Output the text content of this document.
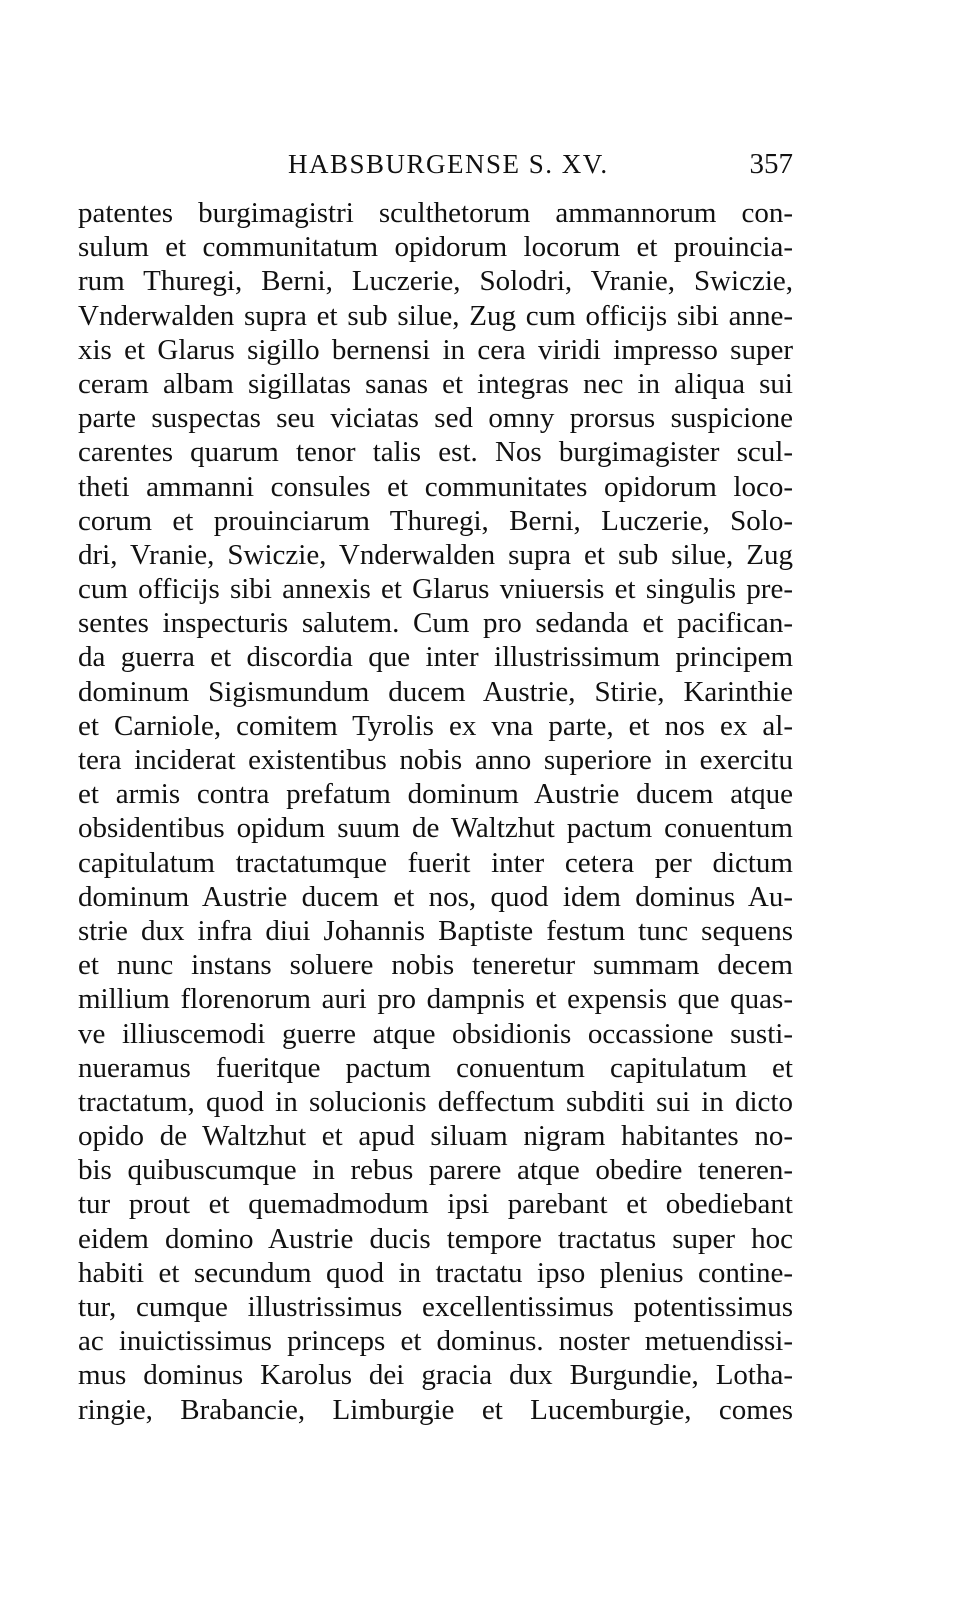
HABSBURGENSE S. XV.	357
patentes burgimagistri sculthetorum ammannorum con-
sulum et communitatum opidorum locorum et prouincia-
rum Thuregi, Berni, Luczerie, Solodri, Vranie, Swiczie,
Vnderwalden supra et sub silue, Zug cum officijs sibi anne-
xis et Glarus sigillo bernensi in cera viridi impresso super
ceram albam sigillatas sanas et integras nec in aliqua sui
parte suspectas seu viciatas sed omny prorsus suspicione
carentes quarum tenor talis est. Nos burgimagister scul-
theti ammanni consules et communitates opidorum loco-
corum et prouinciarum Thuregi, Berni, Luczerie, Solo-
dri, Vranie, Swiczie, Vnderwalden supra et sub silue, Zug
cum officijs sibi annexis et Glarus vniuersis et singulis pre-
sentes inspecturis salutem. Cum pro sedanda et pacifican-
da guerra et discordia que inter illustrissimum principem
dominum Sigismundum ducem Austrie, Stirie, Karinthie
et Carniole, comitem Tyrolis ex vna parte, et nos ex al-
tera inciderat existentibus nobis anno superiore in exercitu
et armis contra prefatum dominum Austrie ducem atque
obsidentibus opidum suum de Waltzhut pactum conuentum
capitulatum tractatumque fuerit inter cetera per dictum
dominum Austrie ducem et nos, quod idem dominus Au-
strie dux infra diui Johannis Baptiste festum tunc sequens
et nunc instans soluere nobis teneretur summam decem
millium florenorum auri pro dampnis et expensis que quas-
ve illiuscemodi guerre atque obsidionis occassione susti-
nueramus fueritque pactum conuentum capitulatum et
tractatum, quod in solucionis deffectum subditi sui in dicto
opido de Waltzhut et apud siluam nigram habitantes no-
bis quibuscumque in rebus parere atque obedire teneren-
tur prout et quemadmodum ipsi parebant et obediebant
eidem domino Austrie ducis tempore tractatus super hoc
habiti et secundum quod in tractatu ipso plenius contine-
tur, cumque illustrissimus excellentissimus potentissimus
ac inuictissimus princeps et dominus. noster metuendissi-
mus dominus Karolus dei gracia dux Burgundie, Lotha-
ringie, Brabancie, Limburgie et Lucemburgie, comes
